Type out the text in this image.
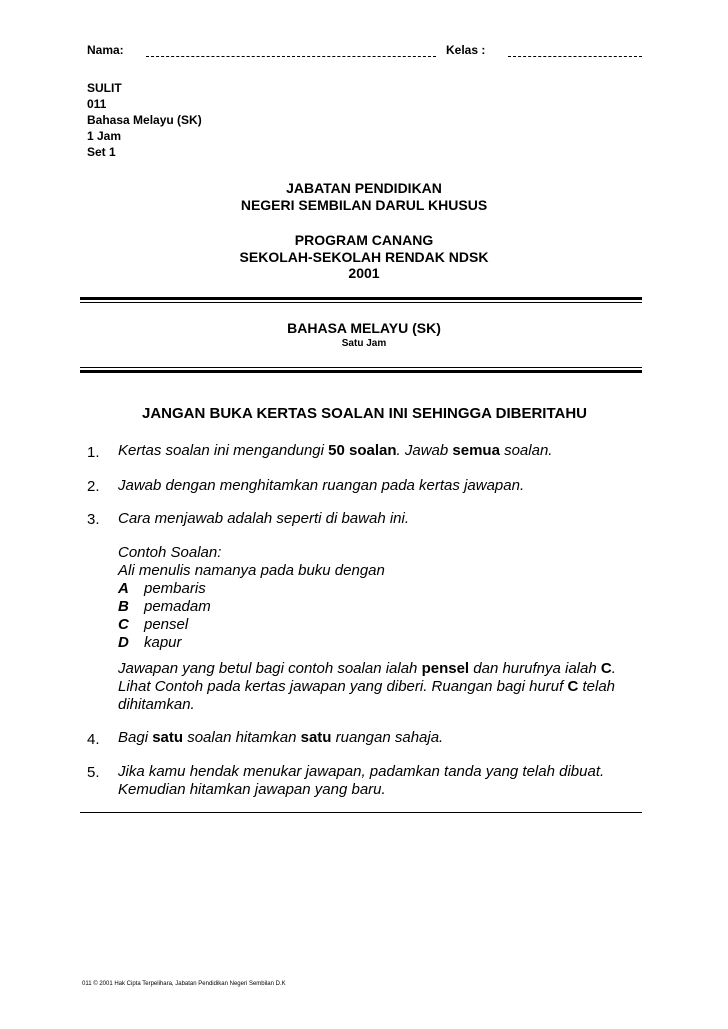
Nama:	Kelas :
SULIT
011
Bahasa Melayu (SK)
1 Jam
Set 1
JABATAN PENDIDIKAN
NEGERI SEMBILAN DARUL KHUSUS
PROGRAM CANANG
SEKOLAH-SEKOLAH RENDAK NDSK
2001
BAHASA MELAYU (SK)
Satu Jam
JANGAN BUKA KERTAS SOALAN INI SEHINGGA DIBERITAHU
1. Kertas soalan ini mengandungi 50 soalan. Jawab semua soalan.
2. Jawab dengan menghitamkan ruangan pada kertas jawapan.
3. Cara menjawab adalah seperti di bawah ini.
Contoh Soalan:
Ali menulis namanya pada buku dengan
A pembaris
B pemadam
C pensel
D kapur
Jawapan yang betul bagi contoh soalan ialah pensel dan hurufnya ialah C.
Lihat Contoh pada kertas jawapan yang diberi. Ruangan bagi huruf C telah
dihitamkan.
4. Bagi satu soalan hitamkan satu ruangan sahaja.
5. Jika kamu hendak menukar jawapan, padamkan tanda yang telah dibuat.
Kemudian hitamkan jawapan yang baru.
011 © 2001 Hak Cipta Terpelihara, Jabatan Pendidikan Negeri Sembilan D.K
